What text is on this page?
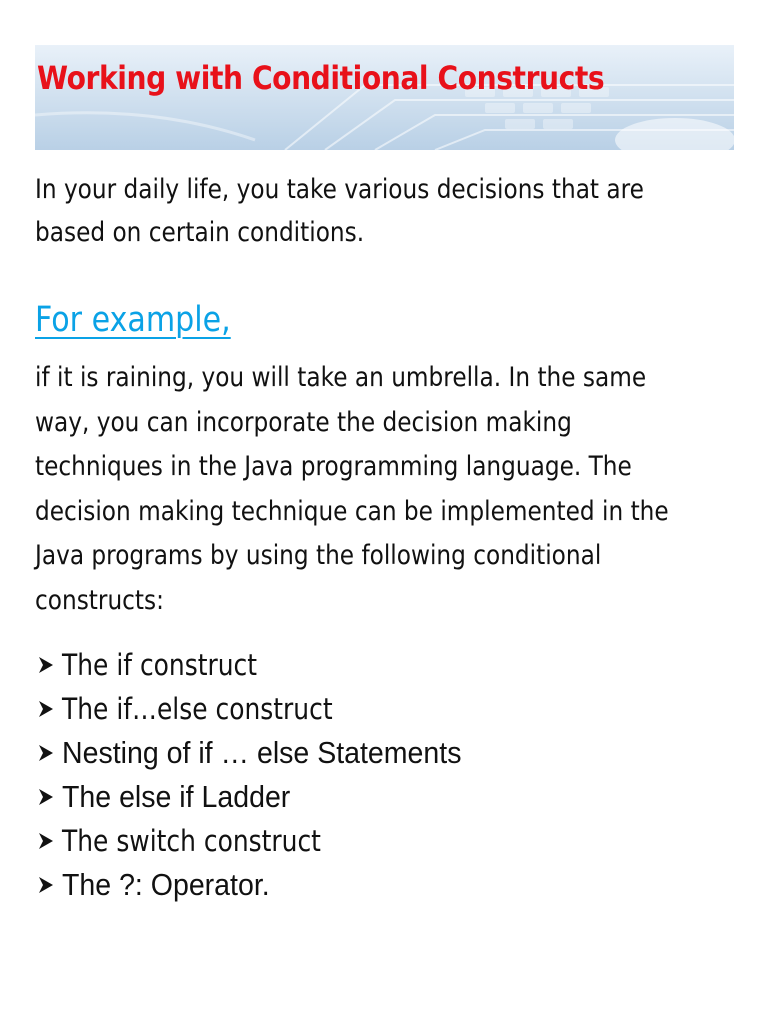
Working with Conditional Constructs
In your daily life, you take various decisions that are
based on certain conditions.
For example,
if it is raining, you will take an umbrella. In the same
way, you can incorporate the decision making
techniques in the Java programming language. The
decision making technique can be implemented in the
Java programs by using the following conditional
constructs:
The if construct
The if…else construct
Nesting of if … else Statements
The else if Ladder
The switch construct
The ?: Operator.
